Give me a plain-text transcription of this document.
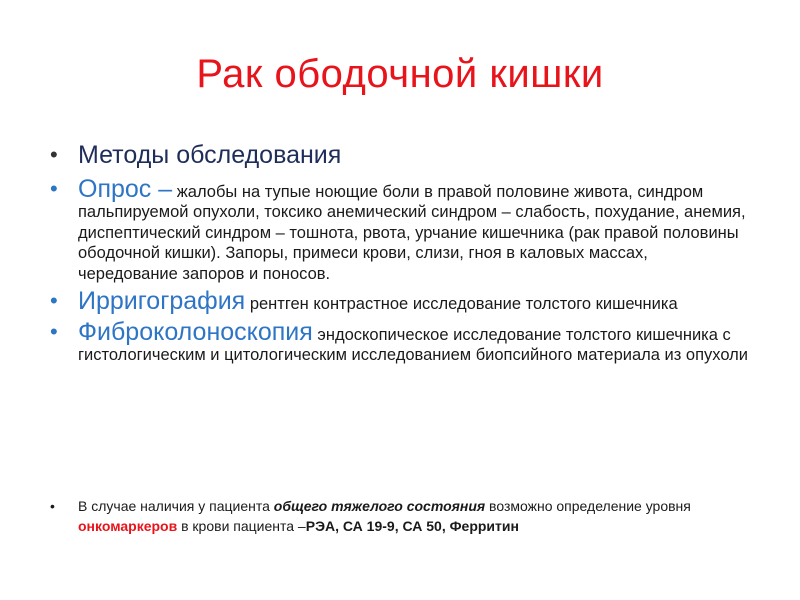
Рак ободочной кишки
• Методы обследования
• Опрос – жалобы на тупые ноющие боли в правой половине живота, синдром пальпируемой опухоли, токсико анемический синдром – слабость, похудание, анемия, диспептический синдром – тошнота, рвота, урчание кишечника (рак правой половины ободочной кишки). Запоры, примеси крови, слизи, гноя в каловых массах, чередование запоров и поносов.
• Ирригография рентген контрастное исследование толстого кишечника
• Фиброколоноскопия эндоскопическое исследование толстого кишечника с гистологическим и цитологическим исследованием биопсийного материала из опухоли
• В случае наличия у пациента общего тяжелого состояния возможно определение уровня онкомаркеров в крови пациента –РЭА, СА 19-9, СА 50, Ферритин
